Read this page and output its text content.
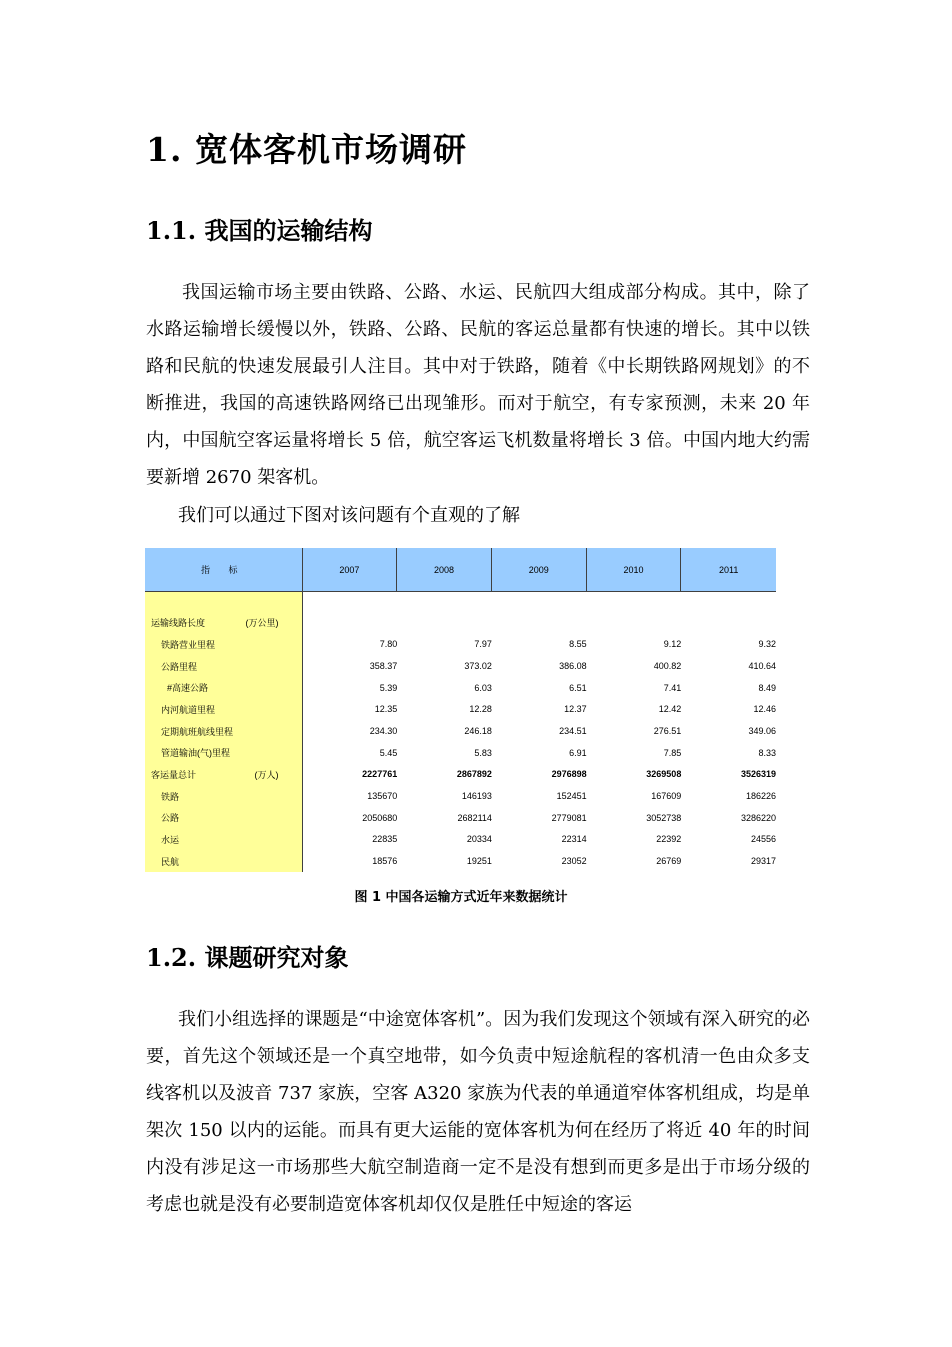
1. 宽体客机市场调研
1.1. 我国的运输结构
我国运输市场主要由铁路、公路、水运、民航四大组成部分构成。其中，除了水路运输增长缓慢以外，铁路、公路、民航的客运总量都有快速的增长。其中以铁路和民航的快速发展最引人注目。其中对于铁路，随着《中长期铁路网规划》的不断推进，我国的高速铁路网络已出现雏形。而对于航空，有专家预测，未来 20 年内，中国航空客运量将增长 5 倍，航空客运飞机数量将增长 3 倍。中国内地大约需要新增 2670 架客机。
我们可以通过下图对该问题有个直观的了解
指 标	2007	2008	2009	2010	2011
运输线路长度	(万公里)
铁路营业里程	7.80	7.97	8.55	9.12	9.32
公路里程	358.37	373.02	386.08	400.82	410.64
#高速公路	5.39	6.03	6.51	7.41	8.49
内河航道里程	12.35	12.28	12.37	12.42	12.46
定期航班航线里程	234.30	246.18	234.51	276.51	349.06
管道输油(气)里程	5.45	5.83	6.91	7.85	8.33
客运量总计	(万人)	2227761	2867892	2976898	3269508	3526319
铁路	135670	146193	152451	167609	186226
公路	2050680	2682114	2779081	3052738	3286220
水运	22835	20334	22314	22392	24556
民航	18576	19251	23052	26769	29317
图 1 中国各运输方式近年来数据统计
1.2. 课题研究对象
我们小组选择的课题是“中途宽体客机”。因为我们发现这个领域有深入研究的必要，首先这个领域还是一个真空地带，如今负责中短途航程的客机清一色由众多支线客机以及波音 737 家族，空客 A320 家族为代表的单通道窄体客机组成，均是单架次 150 以内的运能。而具有更大运能的宽体客机为何在经历了将近 40 年的时间内没有涉足这一市场那些大航空制造商一定不是没有想到而更多是出于市场分级的考虑也就是没有必要制造宽体客机却仅仅是胜任中短途的客运
